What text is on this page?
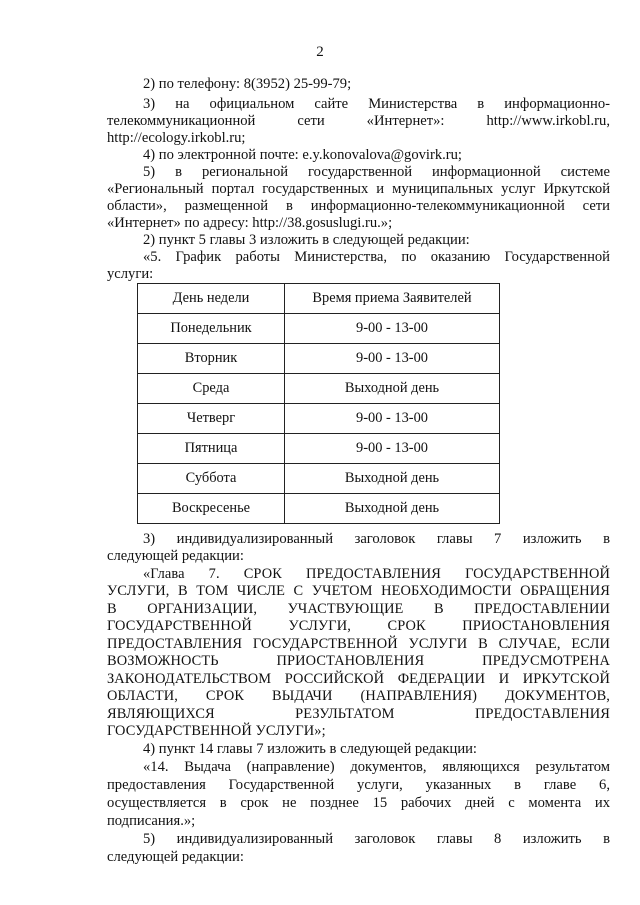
2
2) по телефону: 8(3952) 25-99-79;
3) на официальном сайте Министерства в информационно-
телекоммуникационной сети «Интернет»: http://www.irkobl.ru,
http://ecology.irkobl.ru;
4) по электронной почте: e.y.konovalova@govirk.ru;
5) в региональной государственной информационной системе
«Региональный портал государственных и муниципальных услуг Иркутской
области», размещенной в информационно-телекоммуникационной сети
«Интернет» по адресу: http://38.gosuslugi.ru.»;
2) пункт 5 главы 3 изложить в следующей редакции:
«5. График работы Министерства, по оказанию Государственной
услуги:
День недели	Время приема Заявителей
Понедельник	9-00 - 13-00
Вторник	9-00 - 13-00
Среда	Выходной день
Четверг	9-00 - 13-00
Пятница	9-00 - 13-00
Суббота	Выходной день
Воскресенье	Выходной день
3) индивидуализированный заголовок главы 7 изложить в
следующей редакции:
«Глава 7. СРОК ПРЕДОСТАВЛЕНИЯ ГОСУДАРСТВЕННОЙ
УСЛУГИ, В ТОМ ЧИСЛЕ С УЧЕТОМ НЕОБХОДИМОСТИ ОБРАЩЕНИЯ
В ОРГАНИЗАЦИИ, УЧАСТВУЮЩИЕ В ПРЕДОСТАВЛЕНИИ
ГОСУДАРСТВЕННОЙ УСЛУГИ, СРОК ПРИОСТАНОВЛЕНИЯ
ПРЕДОСТАВЛЕНИЯ ГОСУДАРСТВЕННОЙ УСЛУГИ В СЛУЧАЕ, ЕСЛИ
ВОЗМОЖНОСТЬ ПРИОСТАНОВЛЕНИЯ ПРЕДУСМОТРЕНА
ЗАКОНОДАТЕЛЬСТВОМ РОССИЙСКОЙ ФЕДЕРАЦИИ И ИРКУТСКОЙ
ОБЛАСТИ, СРОК ВЫДАЧИ (НАПРАВЛЕНИЯ) ДОКУМЕНТОВ,
ЯВЛЯЮЩИХСЯ РЕЗУЛЬТАТОМ ПРЕДОСТАВЛЕНИЯ
ГОСУДАРСТВЕННОЙ УСЛУГИ»;
4) пункт 14 главы 7 изложить в следующей редакции:
«14. Выдача (направление) документов, являющихся результатом
предоставления Государственной услуги, указанных в главе 6,
осуществляется в срок не позднее 15 рабочих дней с момента их
подписания.»;
5) индивидуализированный заголовок главы 8 изложить в
следующей редакции:
